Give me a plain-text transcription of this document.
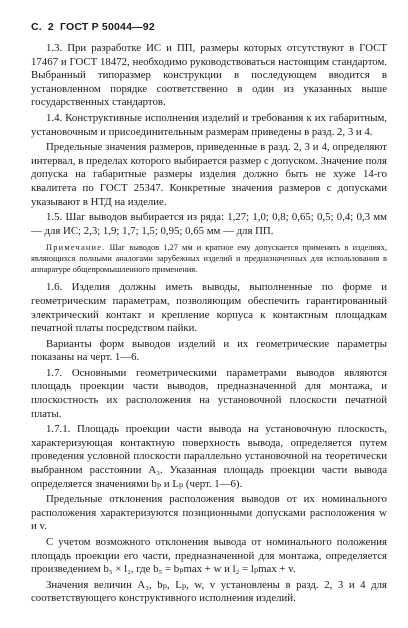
С. 2 ГОСТ Р 50044—92

1.3. При разработке ИС и ПП, размеры которых отсутствуют в ГОСТ 17467 и ГОСТ 18472, необходимо руководствоваться настоящим стандартом. Выбранный типоразмер конструкции в последующем вводится в установленном порядке соответственно в один из указанных выше государственных стандартов.

1.4. Конструктивные исполнения изделий и требования к их габаритным, установочным и присоединительным размерам приведены в разд. 2, 3 и 4.

Предельные значения размеров, приведенные в разд. 2, 3 и 4, определяют интервал, в пределах которого выбирается размер с допуском. Значение поля допуска на габаритные размеры изделия должно быть не хуже 14-го квалитета по ГОСТ 25347. Конкретные значения размеров с допусками указывают в НТД на изделие.

1.5. Шаг выводов выбирается из ряда: 1,27; 1,0; 0,8; 0,65; 0,5; 0,4; 0,3 мм — для ИС; 2,3; 1,9; 1,7; 1,5; 0,95; 0,65 мм — для ПП.

Примечание. Шаг выводов 1,27 мм и кратное ему допускается применять в изделиях, являющихся полными аналогами зарубежных изделий и предназначенных для использования в аппаратуре общепромышленного применения.

1.6. Изделия должны иметь выводы, выполненные по форме и геометрическим параметрам, позволяющим обеспечить гарантированный электрический контакт и крепление корпуса к контактным площадкам печатной платы посредством пайки.

Варианты форм выводов изделий и их геометрические параметры показаны на черт. 1—6.

1.7. Основными геометрическими параметрами выводов являются площадь проекции части выводов, предназначенной для монтажа, и плоскостность их расположения на установочной плоскости печатной платы.

1.7.1. Площадь проекции части вывода на установочную плоскость, характеризующая контактную поверхность вывода, определяется путем проведения условной плоскости параллельно установочной на теоретически выбранном расстоянии A₃. Указанная площадь проекции части вывода определяется значениями bₚ и Lₚ (черт. 1—6).

Предельные отклонения расположения выводов от их номинального расположения характеризуются позиционными допусками расположения w и v.

С учетом возможного отклонения вывода от номинального положения площадь проекции его части, предназначенной для монтажа, определяется произведением b₅ × l₂, где b₅ = bₚmax + w и l₂ = lₚmax + v.

Значения величин A₃, bₚ, Lₚ, w, v установлены в разд. 2, 3 и 4 для соответствующего конструктивного исполнения изделий.
